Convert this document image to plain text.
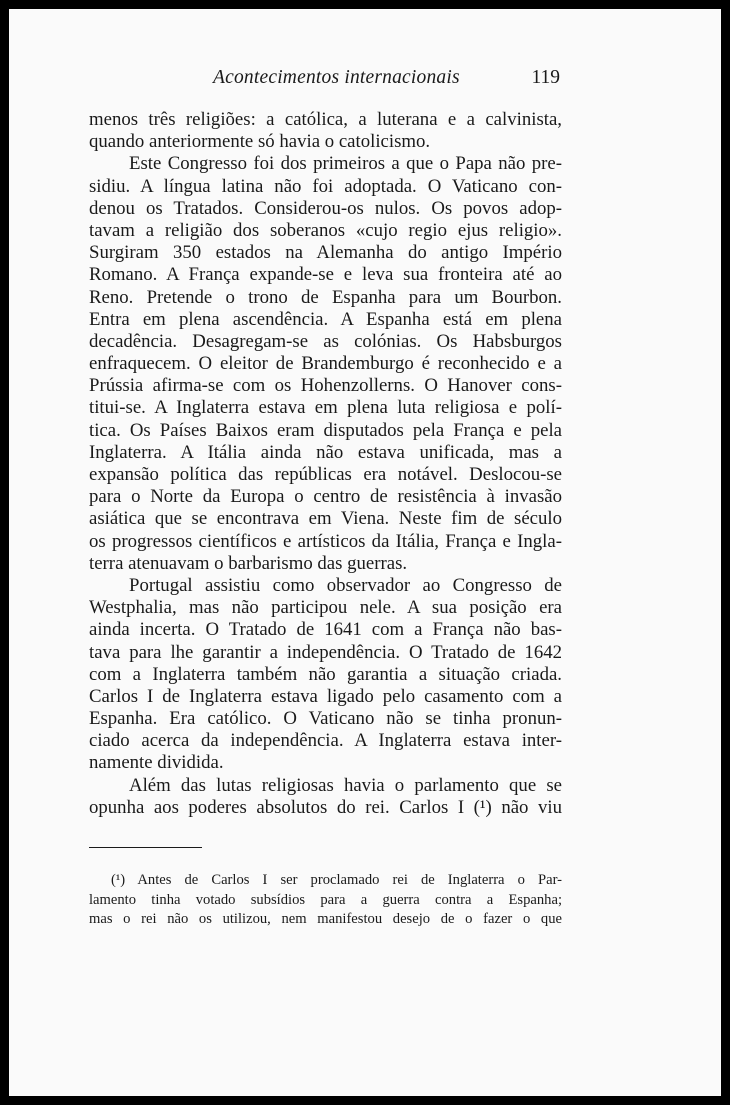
Acontecimentos internacionais	119
menos três religiões: a católica, a luterana e a calvinista,
quando anteriormente só havia o catolicismo.
Este Congresso foi dos primeiros a que o Papa não pre-
sidiu. A língua latina não foi adoptada. O Vaticano con-
denou os Tratados. Considerou-os nulos. Os povos adop-
tavam a religião dos soberanos «cujo regio ejus religio».
Surgiram 350 estados na Alemanha do antigo Império
Romano. A França expande-se e leva sua fronteira até ao
Reno. Pretende o trono de Espanha para um Bourbon.
Entra em plena ascendência. A Espanha está em plena
decadência. Desagregam-se as colónias. Os Habsburgos
enfraquecem. O eleitor de Brandemburgo é reconhecido e a
Prússia afirma-se com os Hohenzollerns. O Hanover cons-
titui-se. A Inglaterra estava em plena luta religiosa e polí-
tica. Os Países Baixos eram disputados pela França e pela
Inglaterra. A Itália ainda não estava unificada, mas a
expansão política das repúblicas era notável. Deslocou-se
para o Norte da Europa o centro de resistência à invasão
asiática que se encontrava em Viena. Neste fim de século
os progressos científicos e artísticos da Itália, França e Ingla-
terra atenuavam o barbarismo das guerras.
Portugal assistiu como observador ao Congresso de
Westphalia, mas não participou nele. A sua posição era
ainda incerta. O Tratado de 1641 com a França não bas-
tava para lhe garantir a independência. O Tratado de 1642
com a Inglaterra também não garantia a situação criada.
Carlos I de Inglaterra estava ligado pelo casamento com a
Espanha. Era católico. O Vaticano não se tinha pronun-
ciado acerca da independência. A Inglaterra estava inter-
namente dividida.
Além das lutas religiosas havia o parlamento que se
opunha aos poderes absolutos do rei. Carlos I (¹) não viu
(¹) Antes de Carlos I ser proclamado rei de Inglaterra o Par-
lamento tinha votado subsídios para a guerra contra a Espanha;
mas o rei não os utilizou, nem manifestou desejo de o fazer o que
